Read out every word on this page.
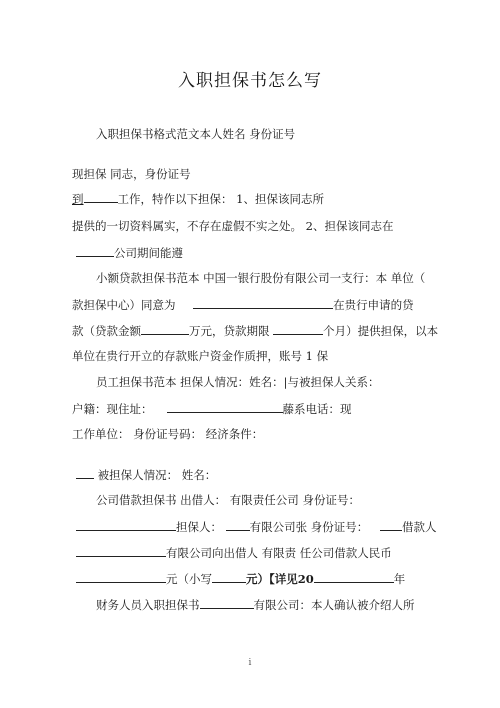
入职担保书怎么写
入职担保书格式范文本人姓名 身份证号
现担保 同志，身份证号
到	工作，特作以下担保： 1、担保该同志所
提供的一切资料属实，不存在虚假不实之处。 2、担保该同志在
公司期间能遵
小额贷款担保书范本 中国一银行股份有限公司一支行：本 单位（
款担保中心）同意为	在贵行申请的贷
款（贷款金额	万元，贷款期限	个月）提供担保，以本
单位在贵行开立的存款账户资金作质押，账号 1 保
员工担保书范本 担保人情况：姓名：|与被担保人关系：
户籍：现住址：	藤系电话：现
工作单位： 身份证号码： 经济条件：
被担保人情况： 姓名：
公司借款担保书 出借人： 有限责任公司 身份证号：
担保人： 有限公司张 身份证号：	借款人
有限公司向出借人 有限责 任公司借款人民币
元（小写	元）【详见20	年
财务人员入职担保书	有限公司：本人确认被介绍人所
i
